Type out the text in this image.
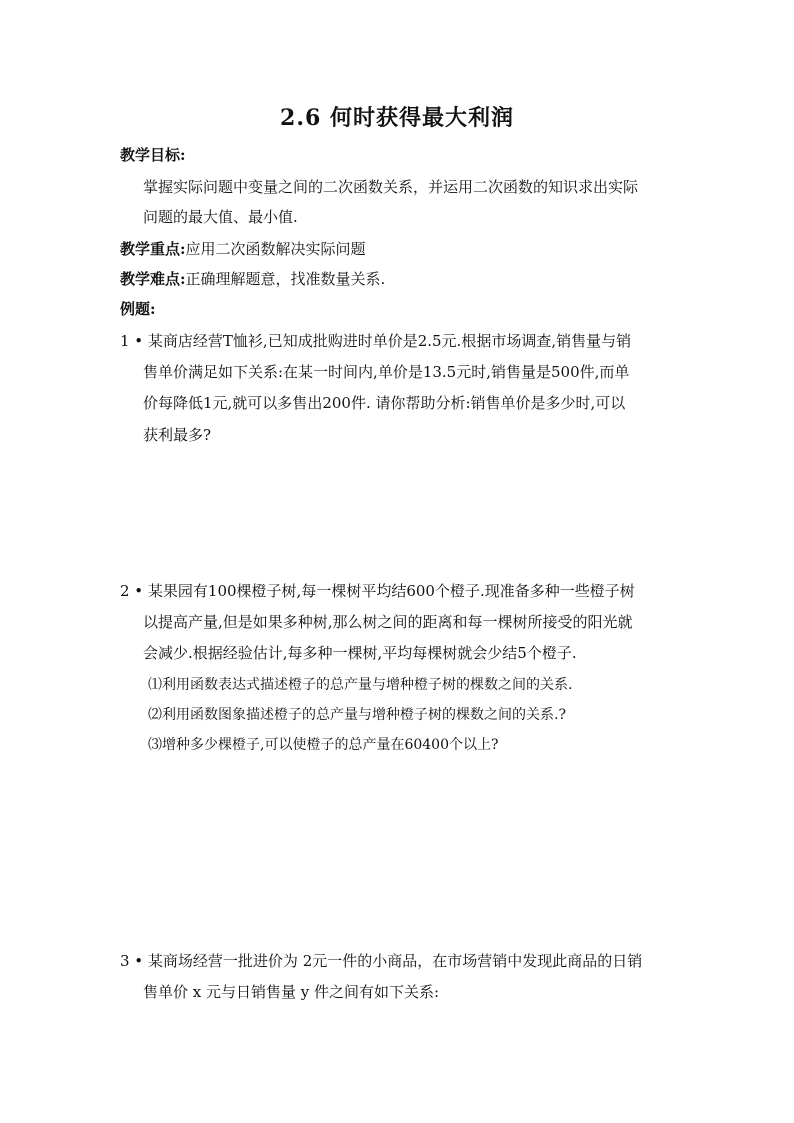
2.6 何时获得最大利润
教学目标:
掌握实际问题中变量之间的二次函数关系，并运用二次函数的知识求出实际
问题的最大值、最小值.
教学重点:应用二次函数解决实际问题
教学难点:正确理解题意，找准数量关系.
例题:
1 • 某商店经营T恤衫,已知成批购进时单价是2.5元.根据市场调查,销售量与销
售单价满足如下关系:在某一时间内,单价是13.5元时,销售量是500件,而单
价每降低1元,就可以多售出200件. 请你帮助分析:销售单价是多少时,可以
获利最多?
2 • 某果园有100棵橙子树,每一棵树平均结600个橙子.现准备多种一些橙子树
以提高产量,但是如果多种树,那么树之间的距离和每一棵树所接受的阳光就
会减少.根据经验估计,每多种一棵树,平均每棵树就会少结5个橙子.
⑴利用函数表达式描述橙子的总产量与增种橙子树的棵数之间的关系.
⑵利用函数图象描述橙子的总产量与增种橙子树的棵数之间的关系.?
⑶增种多少棵橙子,可以使橙子的总产量在60400个以上?
3 • 某商场经营一批进价为 2元一件的小商品，在市场营销中发现此商品的日销
售单价 x 元与日销售量 y 件之间有如下关系:
